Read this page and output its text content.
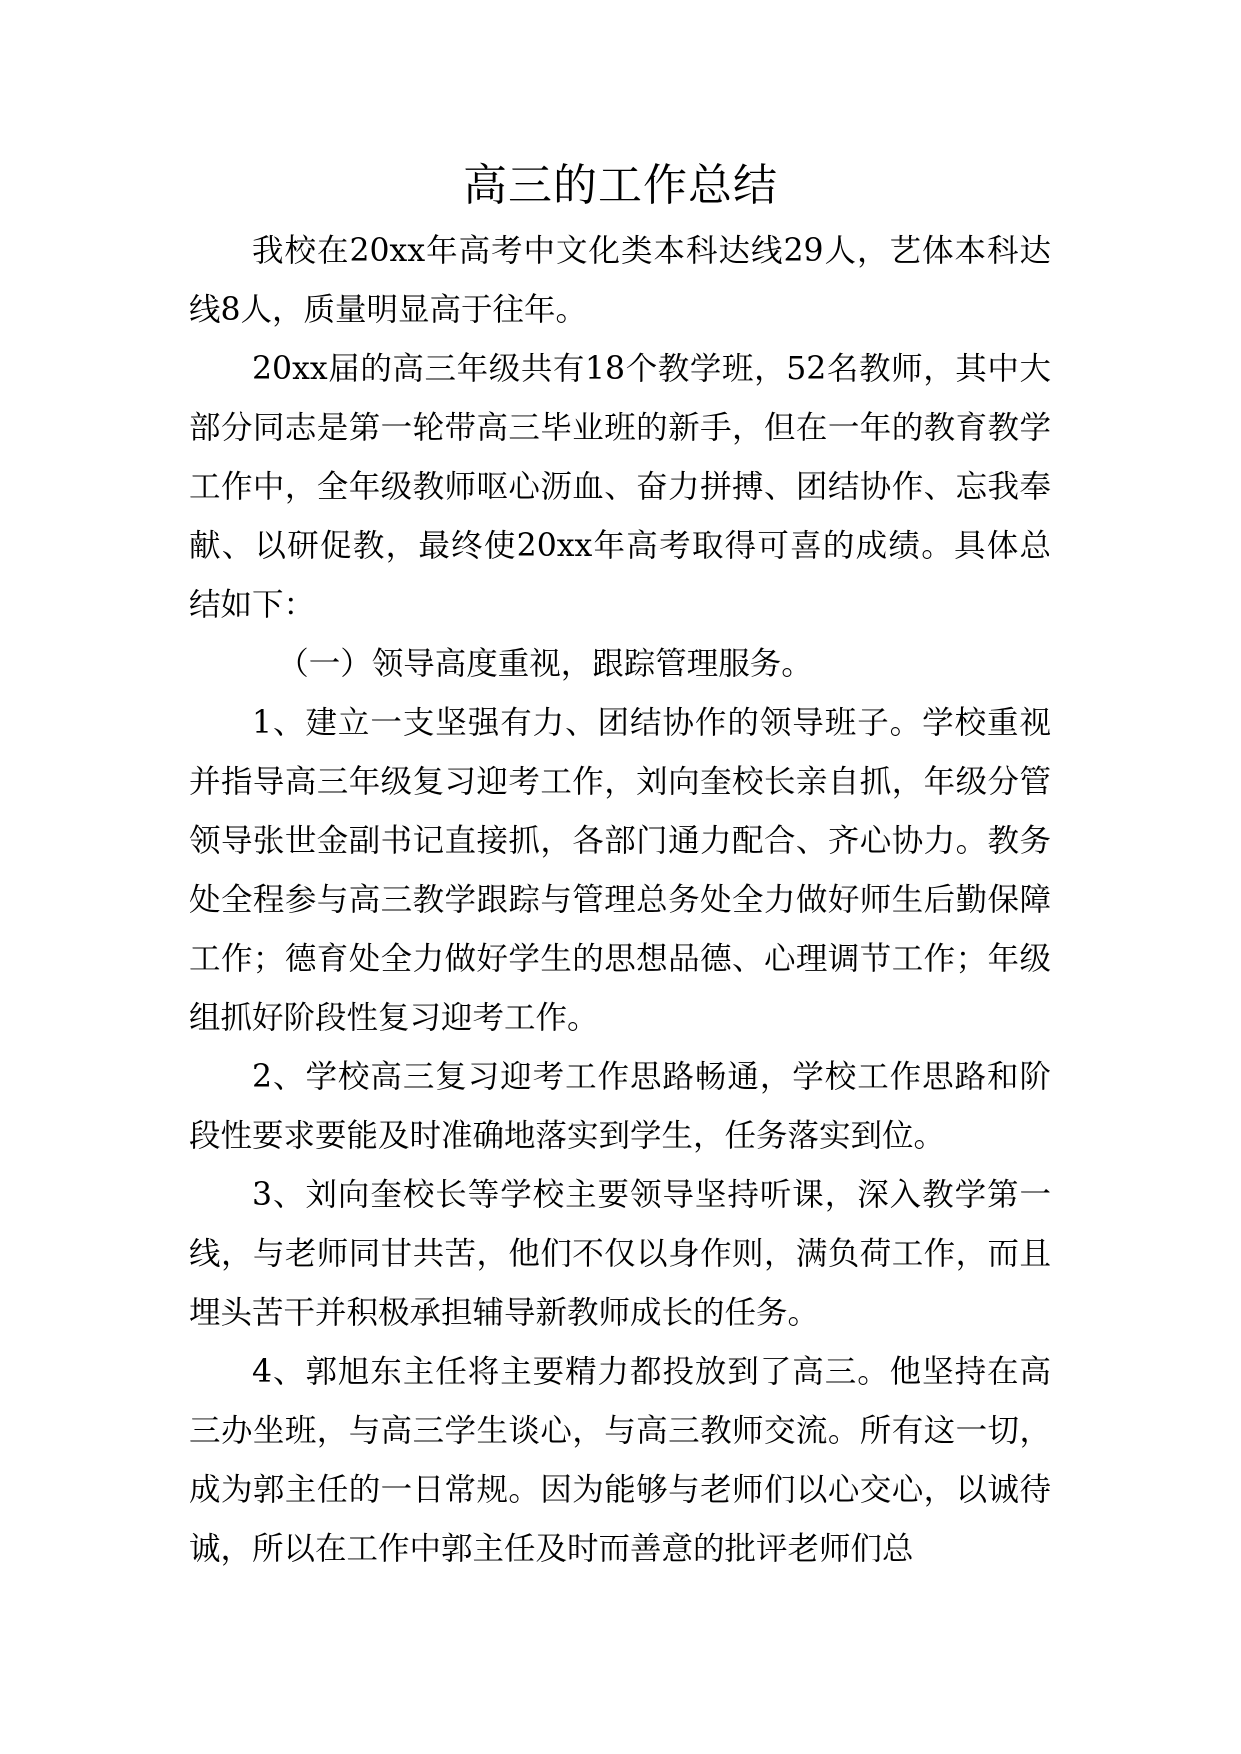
高三的工作总结

我校在20xx年高考中文化类本科达线29人，艺体本科达线8人，质量明显高于往年。

20xx届的高三年级共有18个教学班，52名教师，其中大部分同志是第一轮带高三毕业班的新手，但在一年的教育教学工作中，全年级教师呕心沥血、奋力拼搏、团结协作、忘我奉献、以研促教，最终使20xx年高考取得可喜的成绩。具体总结如下：

（一）领导高度重视，跟踪管理服务。

1、建立一支坚强有力、团结协作的领导班子。学校重视并指导高三年级复习迎考工作，刘向奎校长亲自抓，年级分管领导张世金副书记直接抓，各部门通力配合、齐心协力。教务处全程参与高三教学跟踪与管理总务处全力做好师生后勤保障工作；德育处全力做好学生的思想品德、心理调节工作；年级组抓好阶段性复习迎考工作。

2、学校高三复习迎考工作思路畅通，学校工作思路和阶段性要求要能及时准确地落实到学生，任务落实到位。

3、刘向奎校长等学校主要领导坚持听课，深入教学第一线，与老师同甘共苦，他们不仅以身作则，满负荷工作，而且埋头苦干并积极承担辅导新教师成长的任务。

4、郭旭东主任将主要精力都投放到了高三。他坚持在高三办坐班，与高三学生谈心，与高三教师交流。所有这一切，成为郭主任的一日常规。因为能够与老师们以心交心，以诚待诚，所以在工作中郭主任及时而善意的批评老师们总
